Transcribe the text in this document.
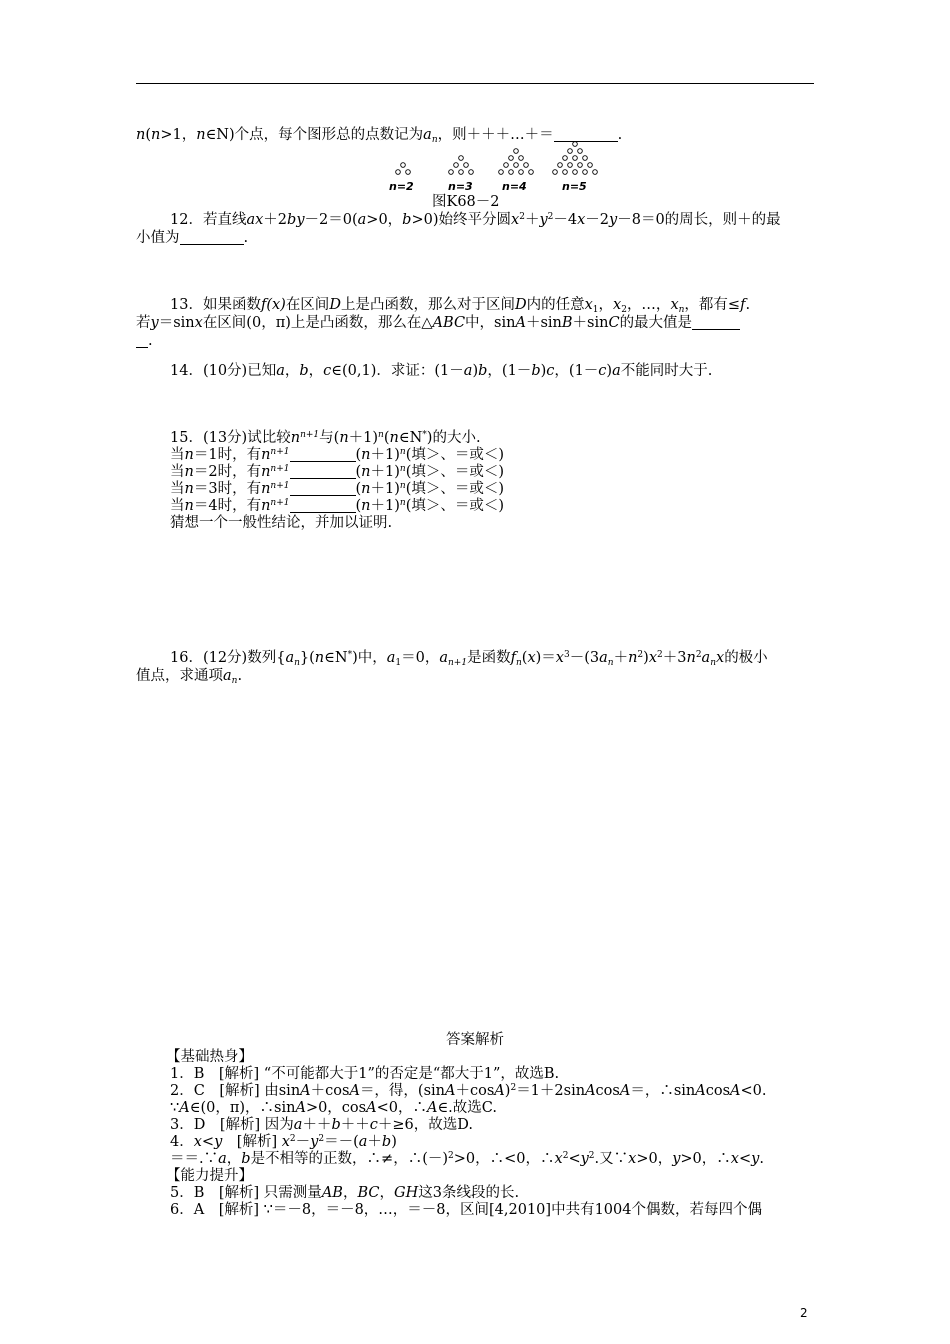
n(n>1，n∈N)个点，每个图形总的点数记为$a_n$，则＋＋＋…＋＝	.
n=2	n=3	n=4	n=5
图K68－2
12．若直线ax＋2by－2＝0(a>0，b>0)始终平分圆$x^2+y^2-4x-2y-8=0$的周长，则＋的最
小值为	.
13．如果函数f(x)在区间D上是凸函数，那么对于区间D内的任意$x_1$，$x_2$，…，$x_n$，都有≤f.
若y＝sinx在区间(0，π)上是凸函数，那么在△ABC中，sinA＋sinB＋sinC的最大值是
.
14．(10分)已知a，b，c∈(0,1)．求证：(1－a)b，(1－b)c，(1－c)a不能同时大于.
15．(13分)试比较$n^{n+1}$与$(n+1)^n(n\in N^*)$的大小.
当n＝1时，有$n^{n+1}$	$(n+1)^n$(填＞、＝或＜)
当n＝2时，有$n^{n+1}$	$(n+1)^n$(填＞、＝或＜)
当n＝3时，有$n^{n+1}$	$(n+1)^n$(填＞、＝或＜)
当n＝4时，有$n^{n+1}$	$(n+1)^n$(填＞、＝或＜)
猜想一个一般性结论，并加以证明.
16．(12分)数列$\{a_n\}(n\in N^*)$中，$a_1=0$，$a_{n+1}$是函数$f_n(x)=x^3-(3a_n+n^2)x^2+3n^2a_nx$的极小
值点，求通项$a_n$.
答案解析
【基础热身】
1．B　[解析] “不可能都大于1”的否定是“都大于1”，故选B.
2．C　[解析] 由sinA＋cosA＝，得，$(\sin A+\cos A)^2=1+2sinAcosA=$，∴sinAcosA<0.
∵A∈(0，π)，∴sinA>0，cosA<0，∴A∈.故选C.
3．D　[解析] 因为a＋＋b＋＋c＋≥6，故选D.
4．x<y　[解析] $x^2-y^2=-(a+b)$
＝＝.∵a，b是不相等的正数，∴≠，$\therefore(-)^2>0$，∴<0，$\therefore x^2<y^2$.又∵x>0，y>0，∴x<y.
【能力提升】
5．B　[解析] 只需测量AB，BC，GH这3条线段的长.
6．A　[解析] ∵＝－8，＝－8，…，＝－8，区间[4,2010]中共有1004个偶数，若每四个偶
2
